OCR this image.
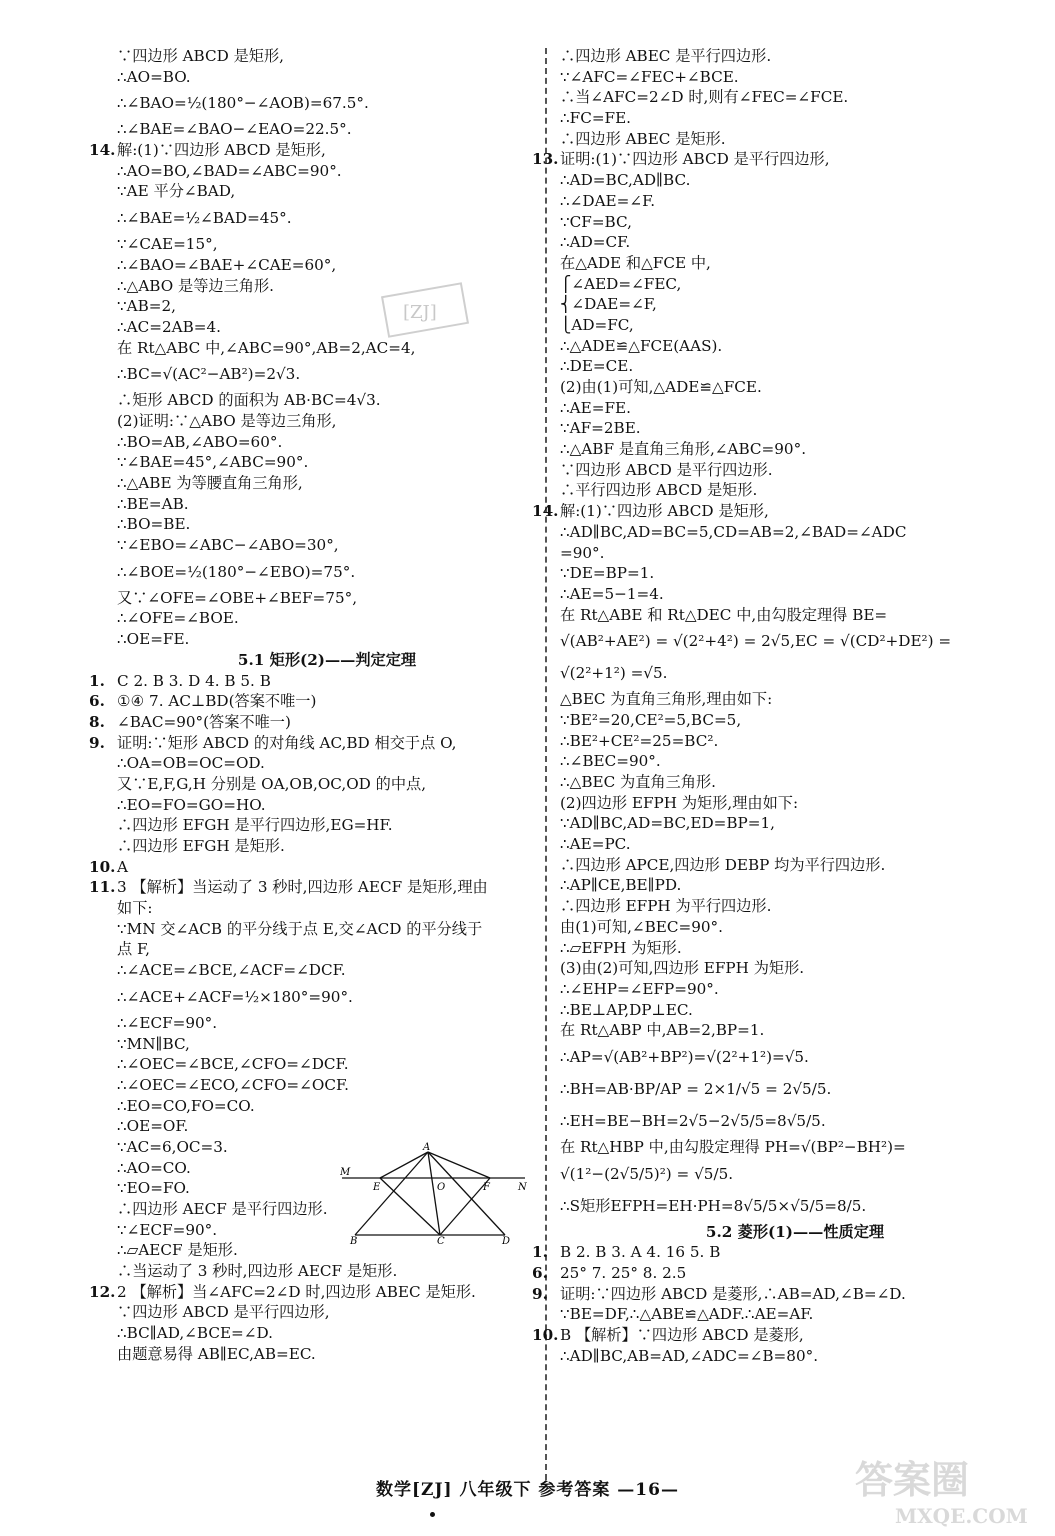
∵四边形 ABCD 是矩形,
∴AO=BO.
∴∠BAO=½(180°−∠AOB)=67.5°.
∴∠BAE=∠BAO−∠EAO=22.5°.
14. 解:(1)∵四边形 ABCD 是矩形,
∴AO=BO,∠BAD=∠ABC=90°.
∵AE 平分∠BAD,
∴∠BAE=½∠BAD=45°.
∵∠CAE=15°,
∴∠BAO=∠BAE+∠CAE=60°,
∴△ABO 是等边三角形.
∵AB=2,
∴AC=2AB=4.
在 Rt△ABC 中,∠ABC=90°,AB=2,AC=4,
∴BC=√(AC²−AB²)=2√3.
∴矩形 ABCD 的面积为 AB·BC=4√3.
(2)证明:∵△ABO 是等边三角形,
∴BO=AB,∠ABO=60°.
∵∠BAE=45°,∠ABC=90°.
∴△ABE 为等腰直角三角形,
∴BE=AB.
∴BO=BE.
∵∠EBO=∠ABC−∠ABO=30°,
∴∠BOE=½(180°−∠EBO)=75°.
又∵∠OFE=∠OBE+∠BEF=75°,
∴∠OFE=∠BOE.
∴OE=FE.
5.1 矩形(2)——判定定理
1. C 2. B 3. D 4. B 5. B
6. ①④ 7. AC⊥BD(答案不唯一)
8. ∠BAC=90°(答案不唯一)
9. 证明:∵矩形 ABCD 的对角线 AC,BD 相交于点 O,
∴OA=OB=OC=OD.
又∵E,F,G,H 分别是 OA,OB,OC,OD 的中点,
∴EO=FO=GO=HO.
∴四边形 EFGH 是平行四边形,EG=HF.
∴四边形 EFGH 是矩形.
10. A
11. 3 【解析】当运动了 3 秒时,四边形 AECF 是矩形,理由
如下:
∵MN 交∠ACB 的平分线于点 E,交∠ACD 的平分线于
点 F,
∴∠ACE=∠BCE,∠ACF=∠DCF.
∴∠ACE+∠ACF=½×180°=90°.
∴∠ECF=90°.
∵MN∥BC,
∴∠OEC=∠BCE,∠CFO=∠DCF.
∴∠OEC=∠ECO,∠CFO=∠OCF.
∴EO=CO,FO=CO.
∴OE=OF.
∵AC=6,OC=3.
∴AO=CO.
∵EO=FO.
∴四边形 AECF 是平行四边形.
∵∠ECF=90°.
∴▱AECF 是矩形.
∴当运动了 3 秒时,四边形 AECF 是矩形.
12. 2 【解析】当∠AFC=2∠D 时,四边形 ABEC 是矩形.
∵四边形 ABCD 是平行四边形,
∴BC∥AD,∠BCE=∠D.
由题意易得 AB∥EC,AB=EC.
∴四边形 ABEC 是平行四边形.
∵∠AFC=∠FEC+∠BCE.
∴当∠AFC=2∠D 时,则有∠FEC=∠FCE.
∴FC=FE.
∴四边形 ABEC 是矩形.
13. 证明:(1)∵四边形 ABCD 是平行四边形,
∴AD=BC,AD∥BC.
∴∠DAE=∠F.
∵CF=BC,
∴AD=CF.
在△ADE 和△FCE 中,
⎧∠AED=∠FEC,
⎨∠DAE=∠F,
⎩AD=FC,
∴△ADE≌△FCE(AAS).
∴DE=CE.
(2)由(1)可知,△ADE≌△FCE.
∴AE=FE.
∵AF=2BE.
∴△ABF 是直角三角形,∠ABC=90°.
∵四边形 ABCD 是平行四边形.
∴平行四边形 ABCD 是矩形.
14. 解:(1)∵四边形 ABCD 是矩形,
∴AD∥BC,AD=BC=5,CD=AB=2,∠BAD=∠ADC
=90°.
∵DE=BP=1.
∴AE=5−1=4.
在 Rt△ABE 和 Rt△DEC 中,由勾股定理得 BE=
√(AB²+AE²) = √(2²+4²) = 2√5,EC = √(CD²+DE²) =
√(2²+1²) =√5.
△BEC 为直角三角形,理由如下:
∵BE²=20,CE²=5,BC=5,
∴BE²+CE²=25=BC².
∴∠BEC=90°.
∴△BEC 为直角三角形.
(2)四边形 EFPH 为矩形,理由如下:
∵AD∥BC,AD=BC,ED=BP=1,
∴AE=PC.
∴四边形 APCE,四边形 DEBP 均为平行四边形.
∴AP∥CE,BE∥PD.
∴四边形 EFPH 为平行四边形.
由(1)可知,∠BEC=90°.
∴▱EFPH 为矩形.
(3)由(2)可知,四边形 EFPH 为矩形.
∴∠EHP=∠EFP=90°.
∴BE⊥AP,DP⊥EC.
在 Rt△ABP 中,AB=2,BP=1.
∴AP=√(AB²+BP²)=√(2²+1²)=√5.
∴BH=AB·BP/AP = 2×1/√5 = 2√5/5.
∴EH=BE−BH=2√5−2√5/5=8√5/5.
在 Rt△HBP 中,由勾股定理得 PH=√(BP²−BH²)=
√(1²−(2√5/5)²) = √5/5.
∴S矩形EFPH=EH·PH=8√5/5×√5/5=8/5.
5.2 菱形(1)——性质定理
1. B 2. B 3. A 4. 16 5. B
6. 25° 7. 25° 8. 2.5
9. 证明:∵四边形 ABCD 是菱形,∴AB=AD,∠B=∠D.
∵BE=DF,∴△ABE≌△ADF.∴AE=AF.
10. B 【解析】∵四边形 ABCD 是菱形,
∴AD∥BC,AB=AD,∠ADC=∠B=80°.
A
M
E	O	F	N
B	C	D
[ZJ]
数学[ZJ] 八年级下 参考答案 —16—	答案圈
MXQE.COM
